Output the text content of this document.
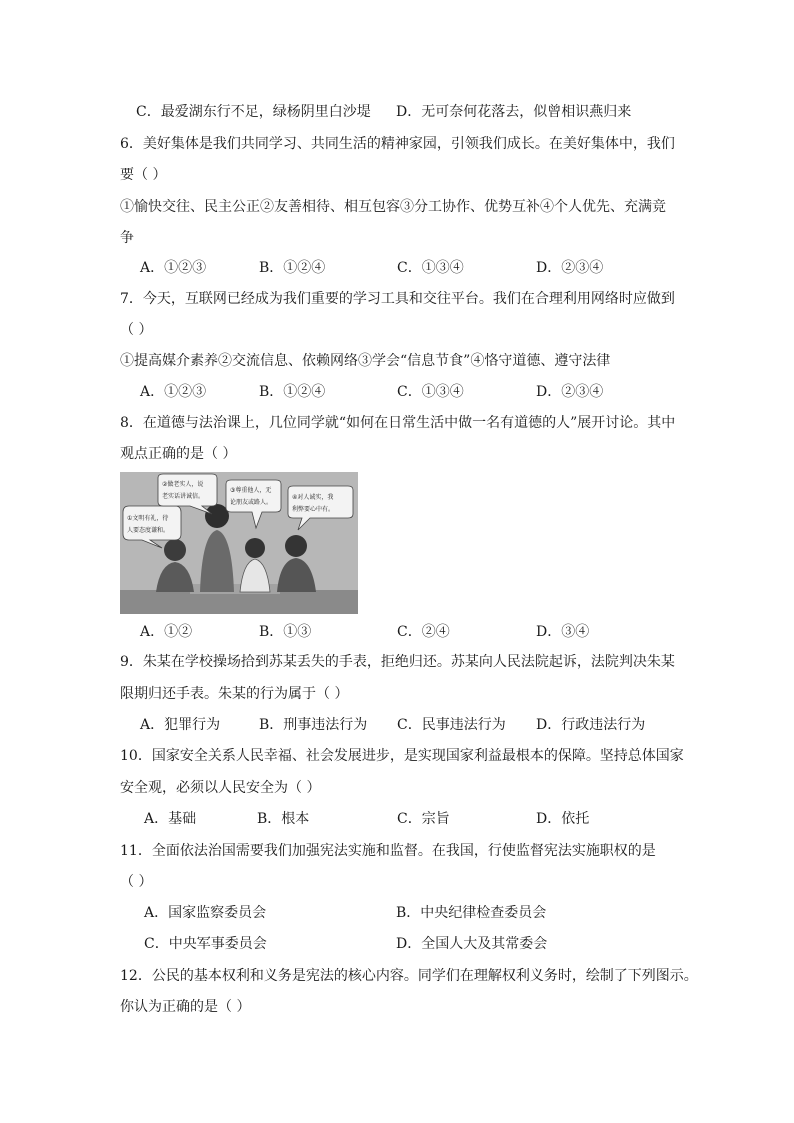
C．最爱湖东行不足，绿杨阴里白沙堤 D．无可奈何花落去，似曾相识燕归来
6．美好集体是我们共同学习、共同生活的精神家园，引领我们成长。在美好集体中，我们
要（ ）
①愉快交往、民主公正②友善相待、相互包容③分工协作、优势互补④个人优先、充满竞
争
A．①②③	B．①②④	C．①③④	D．②③④
7．今天，互联网已经成为我们重要的学习工具和交往平台。我们在合理利用网络时应做到
（ ）
①提高媒介素养②交流信息、依赖网络③学会“信息节食”④恪守道德、遵守法律
A．①②③	B．①②④	C．①③④	D．②③④
8．在道德与法治课上，几位同学就“如何在日常生活中做一名有道德的人”展开讨论。其中
观点正确的是（ ）
①文明有礼，待
人要态度谦和。
②做老实人，说
老实话讲诚信。
③尊重他人，无
论朋友或路人。
④对人诚实，我
利弊要心中有。
A．①②	B．①③	C．②④	D．③④
9．朱某在学校操场拾到苏某丢失的手表，拒绝归还。苏某向人民法院起诉，法院判决朱某
限期归还手表。朱某的行为属于（ ）
A．犯罪行为	B．刑事违法行为 C．民事违法行为 D．行政违法行为
10．国家安全关系人民幸福、社会发展进步，是实现国家利益最根本的保障。坚持总体国家
安全观，必须以人民安全为（ ）
A．基础	B．根本	C．宗旨	D．依托
11．全面依法治国需要我们加强宪法实施和监督。在我国，行使监督宪法实施职权的是
（ ）
A．国家监察委员会	B．中央纪律检查委员会
C．中央军事委员会	D．全国人大及其常委会
12．公民的基本权利和义务是宪法的核心内容。同学们在理解权利义务时，绘制了下列图示。
你认为正确的是（ ）
